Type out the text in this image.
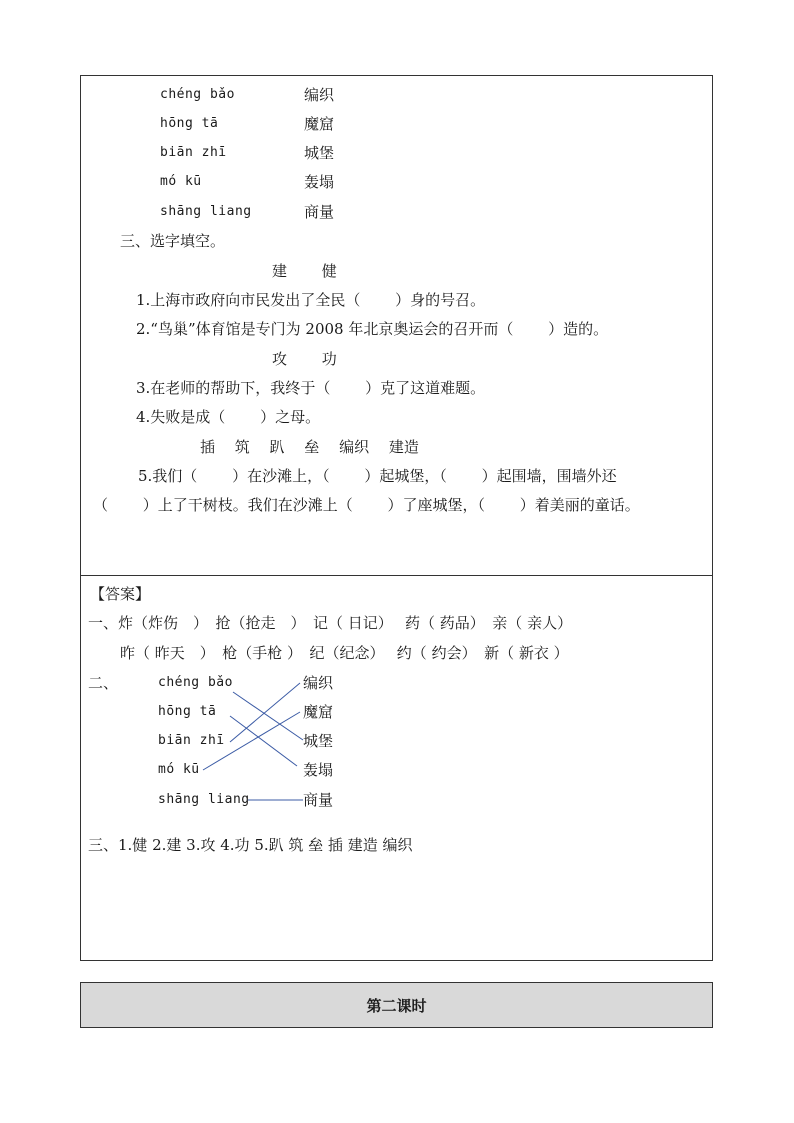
chéng bǎo
hōng tā
biān zhī
mó kū
shāng liang
编织
魔窟
城堡
轰塌
商量
三、选字填空。
建　　 健
1.上海市政府向市民发出了全民（　　 ）身的号召。
2.“鸟巢”体育馆是专门为 2008 年北京奥运会的召开而（　　 ）造的。
攻　　 功
3.在老师的帮助下，我终于（　　 ）克了这道难题。
4.失败是成（　　 ）之母。
插　 筑　 趴　 垒　 编织　 建造
5.我们（　　 ）在沙滩上，（　　 ）起城堡，（　　 ）起围墙，围墙外还
（　　 ）上了干树枝。我们在沙滩上（　　 ）了座城堡，（　　 ）着美丽的童话。
【答案】
一、炸（炸伤　）　抢（抢走　）　记（ 日记）　 药（ 药品）　亲（ 亲人）
昨（ 昨天　）　枪（手枪 ）　纪（纪念）　 约（ 约会）　新（ 新衣 ）
二、	chéng bǎo
hōng tā
biān zhī
mó kū
shāng liang
编织
魔窟
城堡
轰塌
商量
三、1.健 2.建 3.攻 4.功 5.趴 筑 垒 插 建造 编织
第二课时
